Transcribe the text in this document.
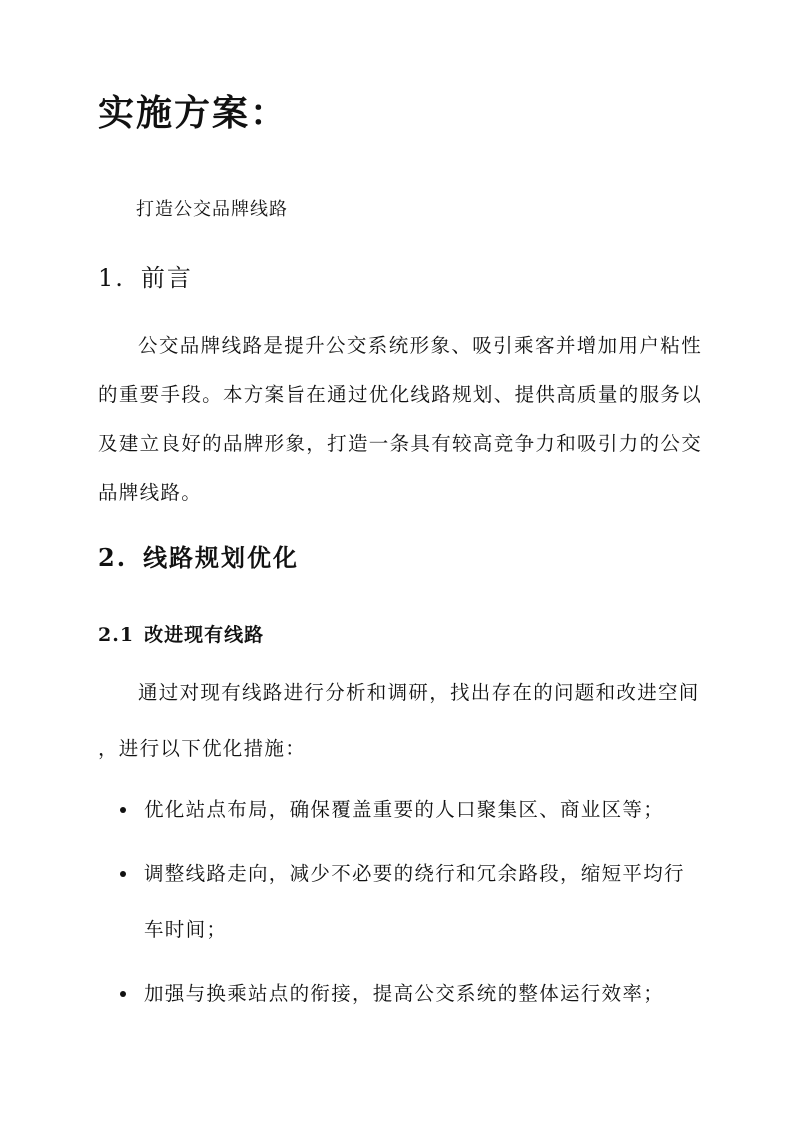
实施方案：

打造公交品牌线路

1. 前言

公交品牌线路是提升公交系统形象、吸引乘客并增加用户粘性的重要手段。本方案旨在通过优化线路规划、提供高质量的服务以及建立良好的品牌形象，打造一条具有较高竞争力和吸引力的公交品牌线路。

2. 线路规划优化
2.1 改进现有线路
通过对现有线路进行分析和调研，找出存在的问题和改进空间
，进行以下优化措施：
优化站点布局，确保覆盖重要的人口聚集区、商业区等；
调整线路走向，减少不必要的绕行和冗余路段，缩短平均行车时间；
加强与换乘站点的衔接，提高公交系统的整体运行效率；
